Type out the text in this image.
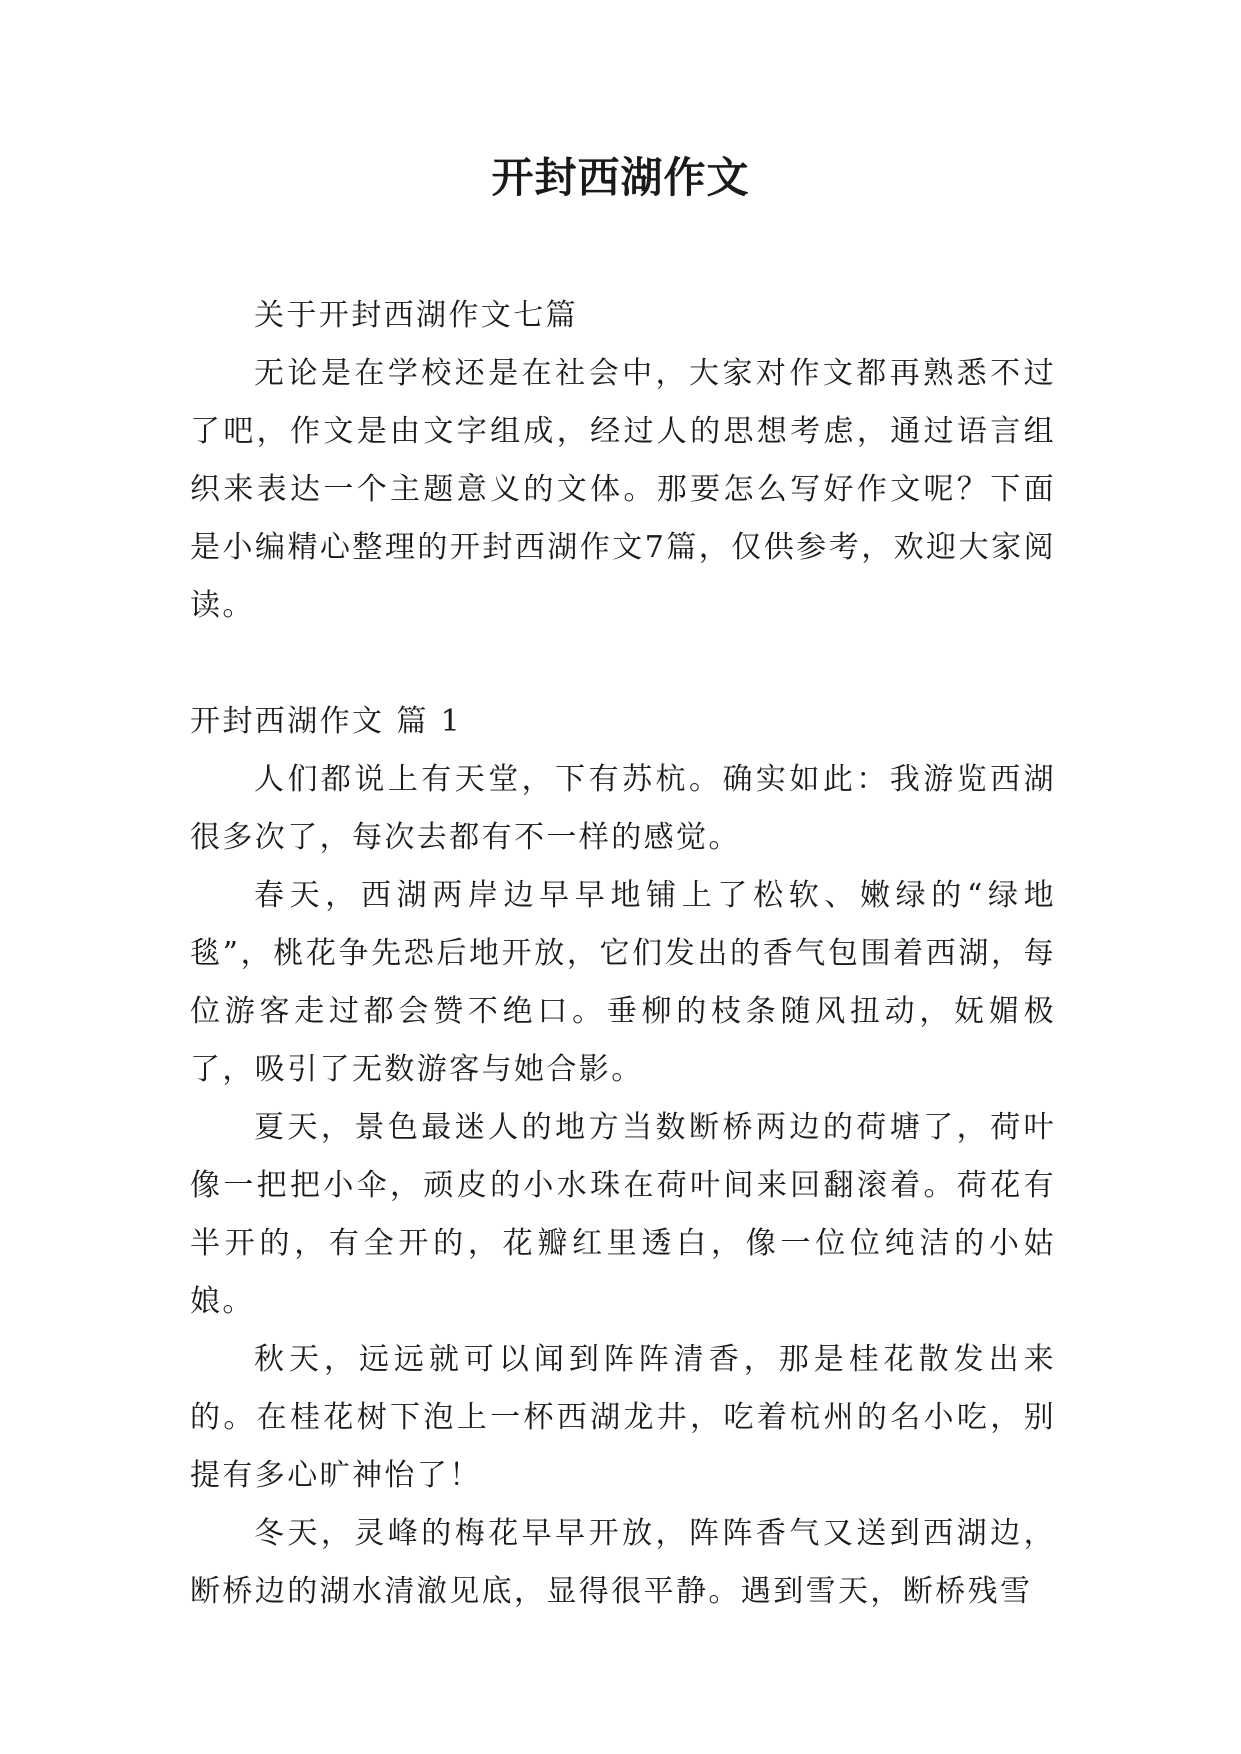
开封西湖作文

关于开封西湖作文七篇

无论是在学校还是在社会中，大家对作文都再熟悉不过了吧，作文是由文字组成，经过人的思想考虑，通过语言组织来表达一个主题意义的文体。那要怎么写好作文呢？下面是小编精心整理的开封西湖作文7篇，仅供参考，欢迎大家阅读。

开封西湖作文 篇 1

人们都说上有天堂，下有苏杭。确实如此：我游览西湖很多次了，每次去都有不一样的感觉。

春天，西湖两岸边早早地铺上了松软、嫩绿的“绿地毯”，桃花争先恐后地开放，它们发出的香气包围着西湖，每位游客走过都会赞不绝口。垂柳的枝条随风扭动，妩媚极了，吸引了无数游客与她合影。

夏天，景色最迷人的地方当数断桥两边的荷塘了，荷叶像一把把小伞，顽皮的小水珠在荷叶间来回翻滚着。荷花有半开的，有全开的，花瓣红里透白，像一位位纯洁的小姑娘。

秋天，远远就可以闻到阵阵清香，那是桂花散发出来的。在桂花树下泡上一杯西湖龙井，吃着杭州的名小吃，别提有多心旷神怡了！

冬天，灵峰的梅花早早开放，阵阵香气又送到西湖边，断桥边的湖水清澈见底，显得很平静。遇到雪天，断桥残雪
